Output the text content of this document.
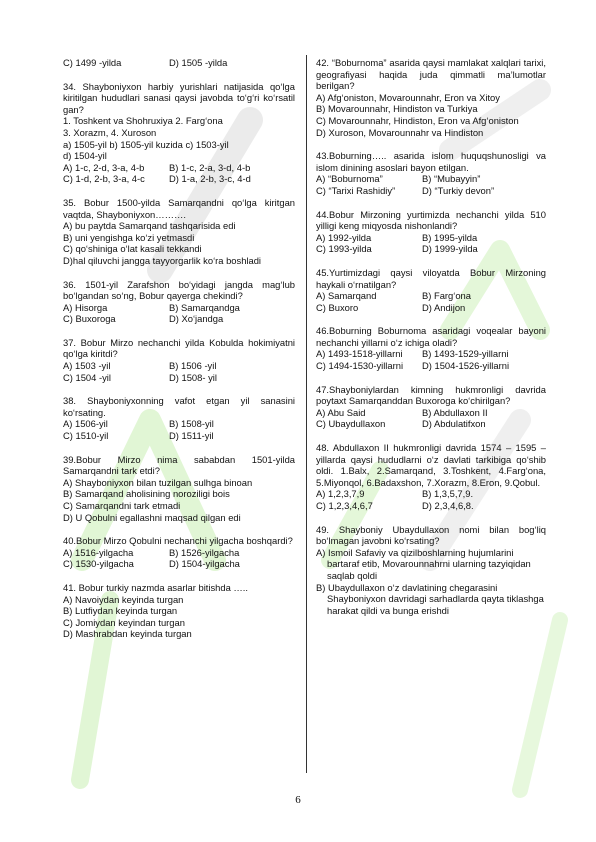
C) 1499 -yilda	D) 1505 -yilda
34. Shayboniyxon harbiy yurishlari natijasida qo‘lga kiritilgan hududlari sanasi qaysi javobda to‘g‘ri ko‘rsatil gan?
1. Toshkent va Shohruxiya 2. Farg‘ona
3. Xorazm, 4. Xuroson
a) 1505-yil b) 1505-yil kuzida c) 1503-yil
d) 1504-yil
A) 1-c, 2-d, 3-a, 4-b	B) 1-c, 2-a, 3-d, 4-b
C) 1-d, 2-b, 3-a, 4-c	D) 1-a, 2-b, 3-c, 4-d
35. Bobur 1500-yilda Samarqandni qo‘lga kiritgan vaqtda, Shayboniyxon……….
A) bu paytda Samarqand tashqarisida edi
B) uni yengishga ko‘zi yetmasdi
C) qo‘shiniga o‘lat kasali tekkandi
D)hal qiluvchi jangga tayyorgarlik ko‘ra boshladi
36. 1501-yil Zarafshon bo‘yidagi jangda mag‘lub bo‘lgandan so‘ng, Bobur qayerga chekindi?
A) Hisorga	B) Samarqandga
C) Buxoroga	D) Xo‘jandga
37. Bobur Mirzo nechanchi yilda Kobulda hokimiyatni qo‘lga kiritdi?
A) 1503 -yil	B) 1506 -yil
C) 1504 -yil	D) 1508- yil
38. Shayboniyxonning vafot etgan yil sanasini ko‘rsating.
A) 1506-yil	B) 1508-yil
C) 1510-yil	D) 1511-yil
39.Bobur Mirzo nima sababdan 1501-yilda Samarqandni tark etdi?
A) Shayboniyxon bilan tuzilgan sulhga binoan
B) Samarqand aholisining noroziligi bois
C) Samarqandni tark etmadi
D) U Qobulni egallashni maqsad qilgan edi
40.Bobur Mirzo Qobulni nechanchi yilgacha boshqardi?
A) 1516-yilgacha	B) 1526-yilgacha
C) 1530-yilgacha	D) 1504-yilgacha
41. Bobur turkiy nazmda asarlar bitishda …..
A) Navoiydan keyinda turgan
B) Lutfiydan keyinda turgan
C) Jomiydan keyindan turgan
D) Mashrabdan keyinda turgan
42. “Boburnoma” asarida qaysi mamlakat xalqlari tarixi, geografiyasi haqida juda qimmatli ma’lumotlar berilgan?
A) Afg‘oniston, Movarounnahr, Eron va Xitoy
B) Movarounnahr, Hindiston va Turkiya
C) Movarounnahr, Hindiston, Eron va Afg‘oniston
D) Xuroson, Movarounnahr va Hindiston
43.Boburning….. asarida islom huquqshunosligi va islom dinining asoslari bayon etilgan.
A) “Boburnoma”	B) “Mubayyin”
C) “Tarixi Rashidiy”	D) “Turkiy devon”
44.Bobur Mirzoning yurtimizda nechanchi yilda 510 yilligi keng miqyosda nishonlandi?
A) 1992-yilda	B) 1995-yilda
C) 1993-yilda	D) 1999-yilda
45.Yurtimizdagi qaysi viloyatda Bobur Mirzoning haykali o‘rnatilgan?
A) Samarqand	B) Farg‘ona
C) Buxoro	D) Andijon
46.Boburning Boburnoma asaridagi voqealar bayoni nechanchi yillarni o‘z ichiga oladi?
A) 1493-1518-yillarni	B) 1493-1529-yillarni
C) 1494-1530-yillarni	D) 1504-1526-yillarni
47.Shayboniylardan kimning hukmronligi davrida poytaxt Samarqanddan Buxoroga ko‘chirilgan?
A) Abu Said	B) Abdullaxon II
C) Ubaydullaxon	D) Abdulatifxon
48. Abdullaxon II hukmronligi davrida 1574 – 1595 – yillarda qaysi hududlarni o‘z davlati tarkibiga qo‘shib oldi. 1.Balx, 2.Samarqand, 3.Toshkent, 4.Farg‘ona, 5.Miyonqol, 6.Badaxshon, 7.Xorazm, 8.Eron, 9.Qobul.
A) 1,2,3,7,9	B) 1,3,5,7,9.
C) 1,2,3,4,6,7	D) 2,3,4,6,8.
49. Shayboniy Ubaydullaxon nomi bilan bog‘liq bo‘lmagan javobni ko‘rsating?
A) Ismoil Safaviy va qizilboshlarning hujumlarini bartaraf etib, Movarounnahrni ularning tazyiqidan saqlab qoldi
B) Ubaydullaxon o‘z davlatining chegarasini Shayboniyxon davridagi sarhadlarda qayta tiklashga harakat qildi va bunga erishdi
6
